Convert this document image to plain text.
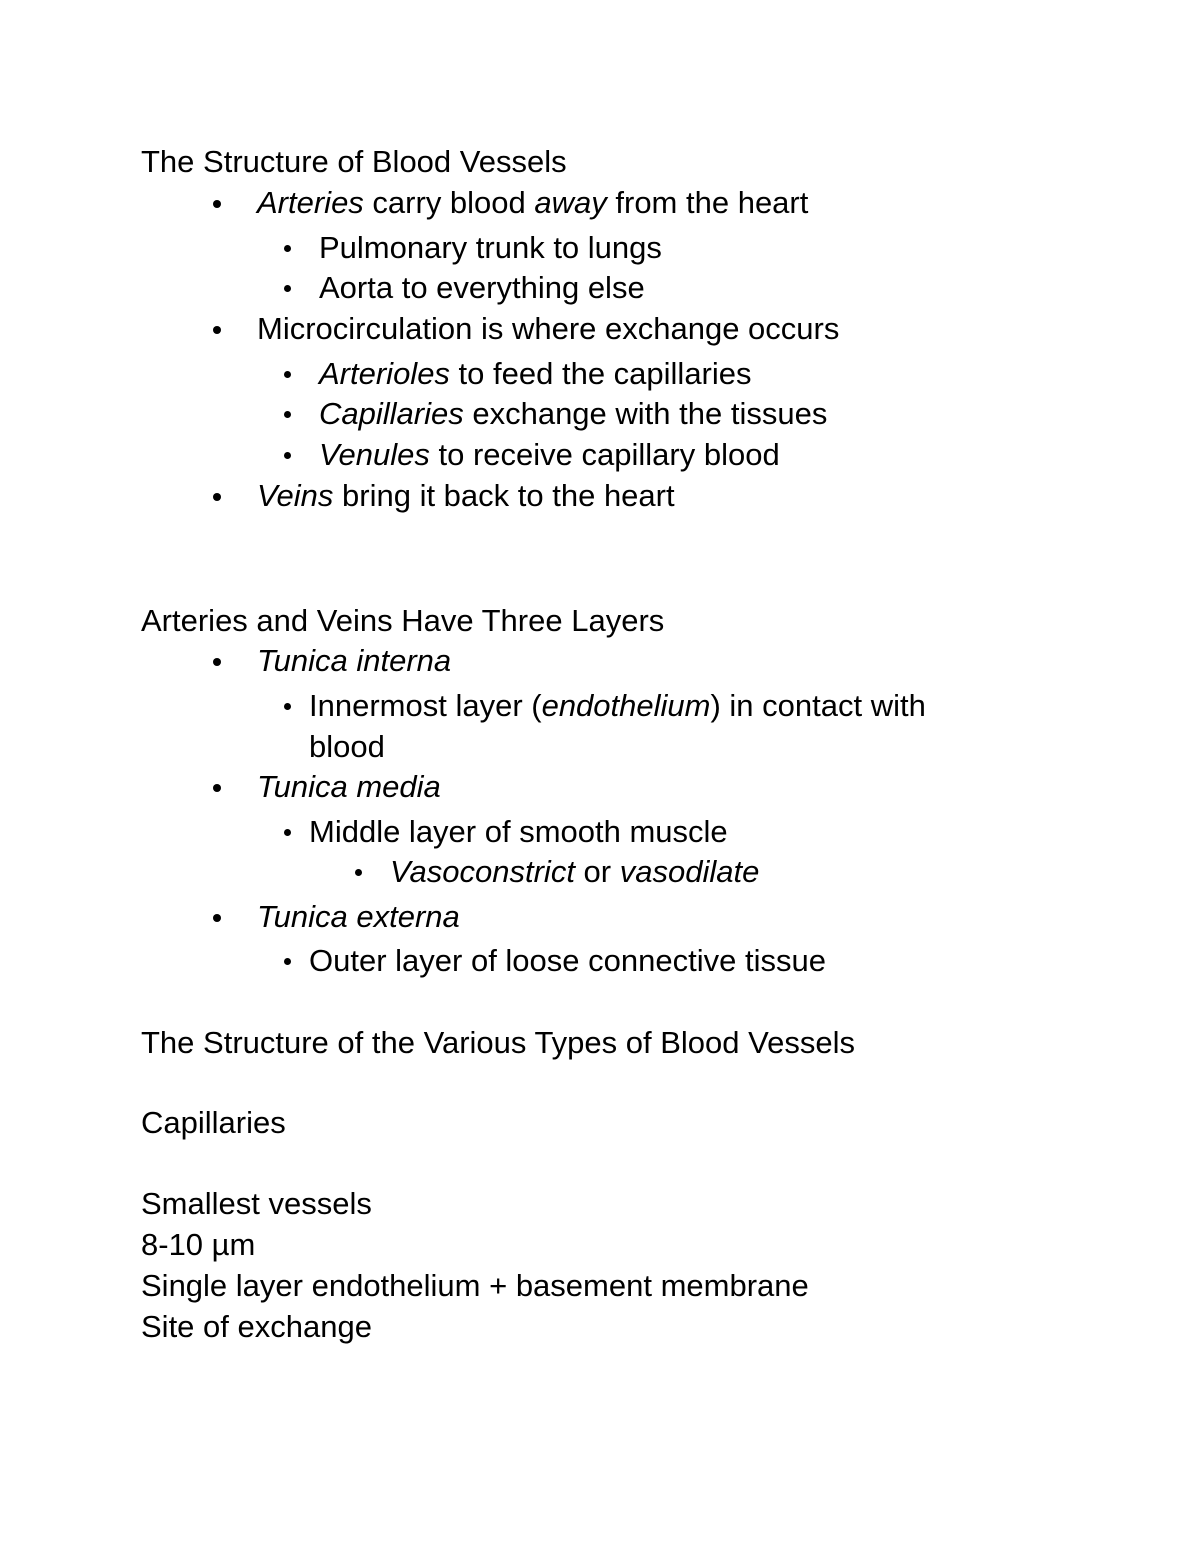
The Structure of Blood Vessels
Arteries carry blood away from the heart
Pulmonary trunk to lungs
Aorta to everything else
Microcirculation is where exchange occurs
Arterioles to feed the capillaries
Capillaries exchange with the tissues
Venules to receive capillary blood
Veins bring it back to the heart
Arteries and Veins Have Three Layers
Tunica interna
Innermost layer (endothelium) in contact with
blood
Tunica media
Middle layer of smooth muscle
Vasoconstrict or vasodilate
Tunica externa
Outer layer of loose connective tissue
The Structure of the Various Types of Blood Vessels
Capillaries
Smallest vessels
8-10 µm
Single layer endothelium + basement membrane
Site of exchange
